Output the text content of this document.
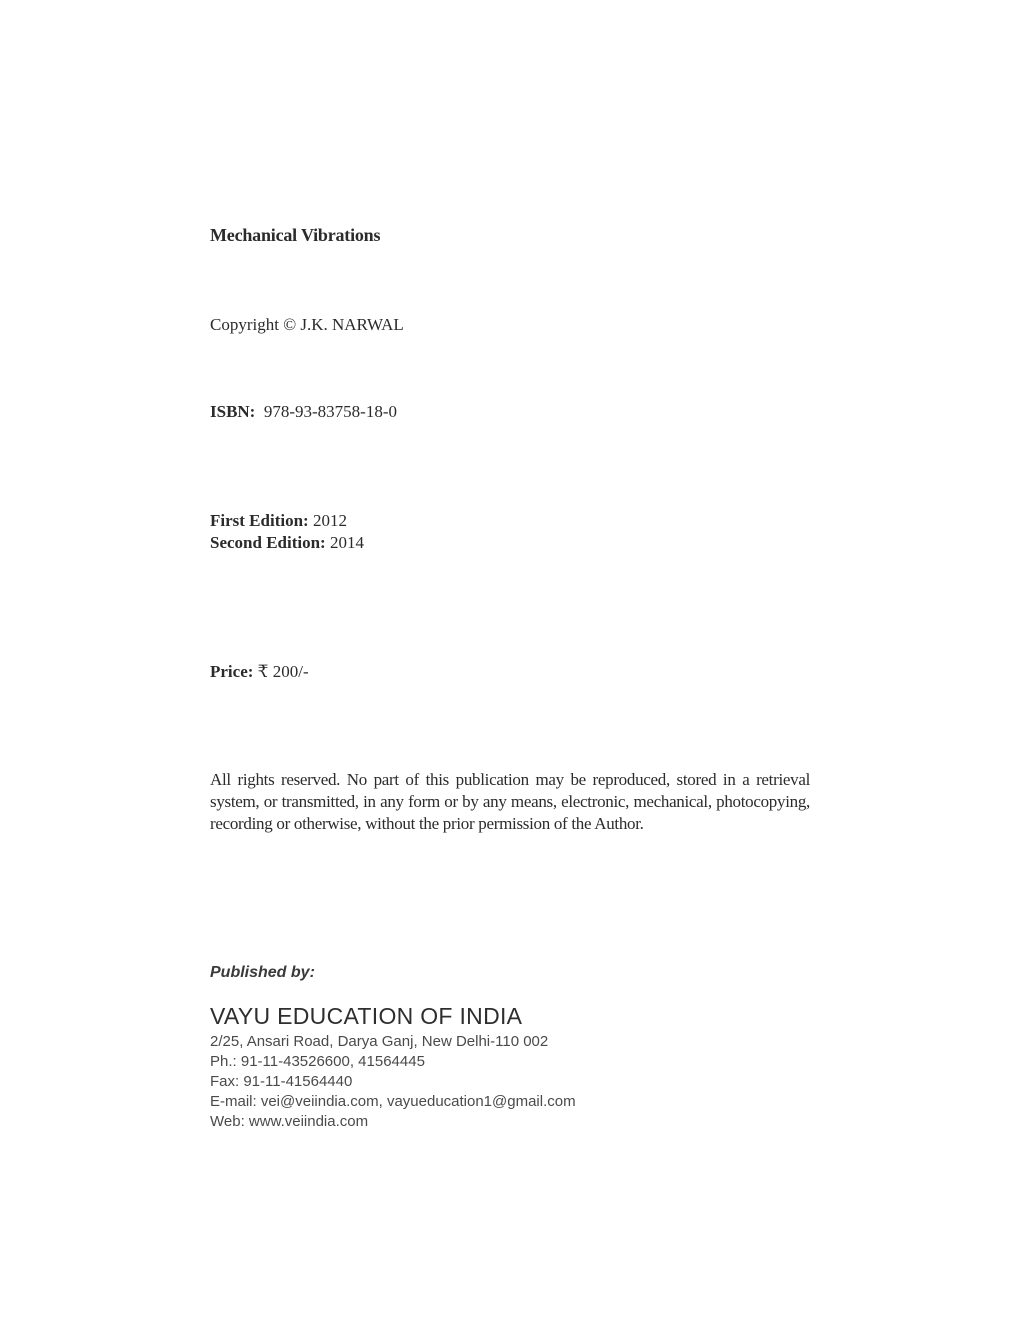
Mechanical Vibrations
Copyright © J.K. NARWAL
ISBN: 978-93-83758-18-0
First Edition: 2012
Second Edition: 2014
Price: ₹ 200/-
All rights reserved. No part of this publication may be reproduced, stored in a retrieval system, or transmitted, in any form or by any means, electronic, mechanical, photocopying, recording or otherwise, without the prior permission of the Author.
Published by:
VAYU EDUCATION OF INDIA
2/25, Ansari Road, Darya Ganj, New Delhi-110 002
Ph.: 91-11-43526600, 41564445
Fax: 91-11-41564440
E-mail: vei@veiindia.com, vayueducation1@gmail.com
Web: www.veiindia.com
